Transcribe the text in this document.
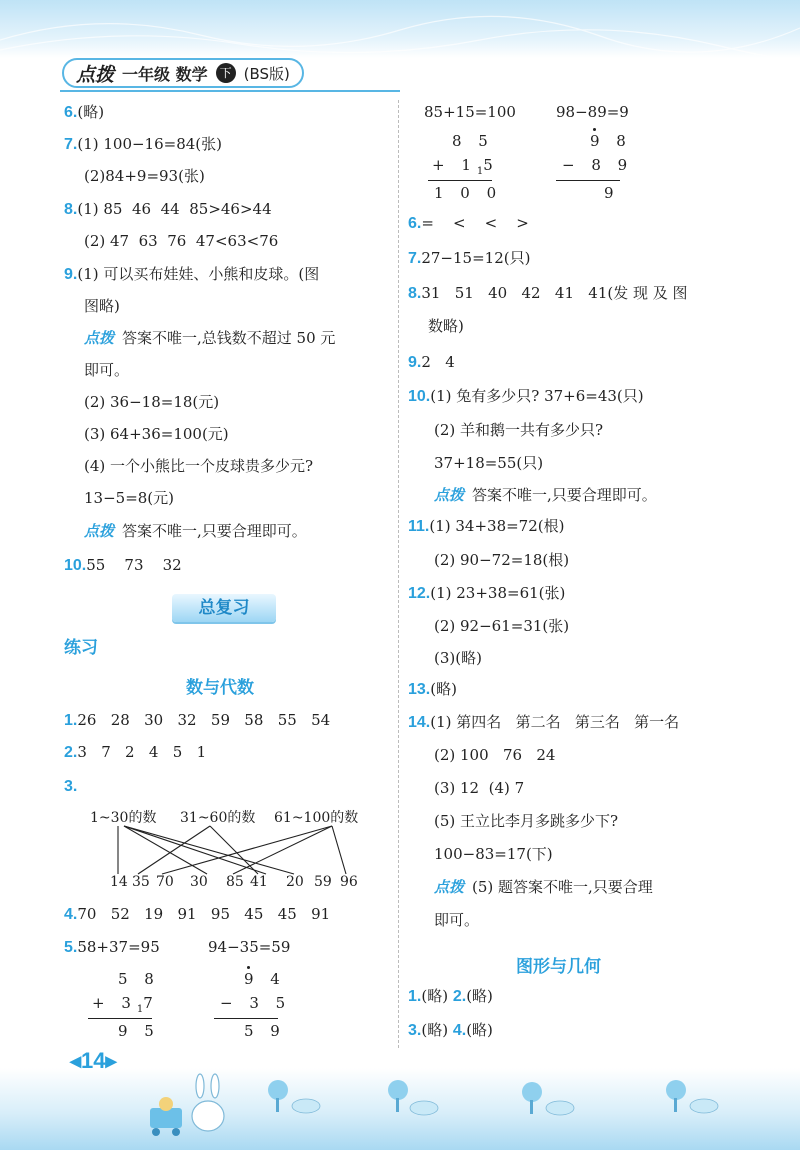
点拨 一年级 数学 下 (BS版)
6.(略)
7.(1) 100−16=84(张)
(2)84+9=93(张)
8.(1) 85  46  44  85>46>44
(2) 47  63  76  47<63<76
9.(1) 可以买布娃娃、小熊和皮球。(图
图略)
点拨 答案不唯一,总钱数不超过 50 元
即可。
(2) 36−18=18(元)
(3) 64+36=100(元)
(4) 一个小熊比一个皮球贵多少元?
13−5=8(元)
点拨 答案不唯一,只要合理即可。
10.55    73    32
总复习
练习
数与代数
1.26   28   30   32   59   58   55   54
2.3   7   2   4   5   1
3.
1~30的数 31~60的数 61~100的数
14 35 70 30 85 41 20 59 96
4.70   52   19   91   95   45   45   91
5.58+37=95	94−35=59
5 8
+ $3_17$
9 5
9 4
− 3 5
5 9
85+15=100	98−89=9
8 5
+ $1_15$
1 0 0
9 8
− 8 9
9
6.=    <    <    >
7.27−15=12(只)
8.31   51   40   42   41   41(发 现 及 图
数略)
9.2   4
10.(1) 兔有多少只? 37+6=43(只)
(2) 羊和鹅一共有多少只?
37+18=55(只)
点拨 答案不唯一,只要合理即可。
11.(1) 34+38=72(根)
(2) 90−72=18(根)
12.(1) 23+38=61(张)
(2) 92−61=31(张)
(3)(略)
13.(略)
14.(1) 第四名   第二名   第三名   第一名
(2) 100   76   24
(3) 12  (4) 7
(5) 王立比李月多跳多少下?
100−83=17(下)
点拨 (5) 题答案不唯一,只要合理
即可。
图形与几何
1.(略) 2.(略)
3.(略) 4.(略)
◂14▸
